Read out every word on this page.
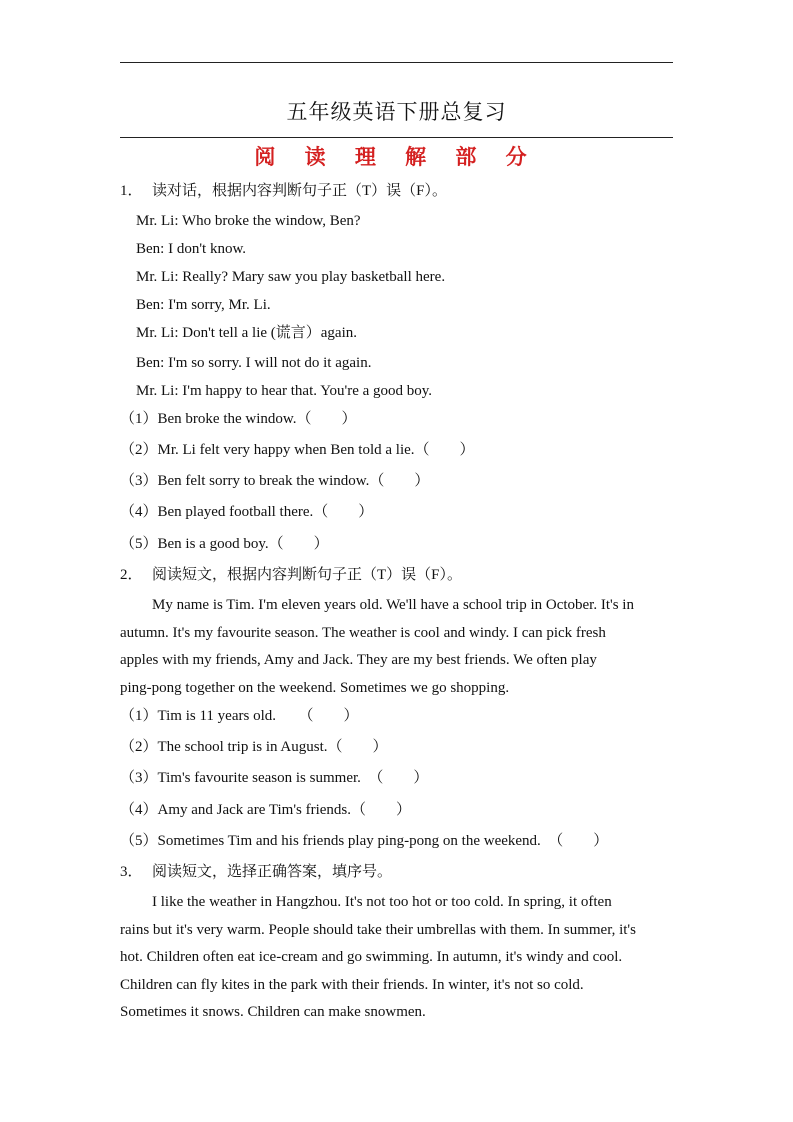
五年级英语下册总复习
阅 读 理 解 部 分
1． 读对话，根据内容判断句子正（T）误（F）。
Mr. Li: Who broke the window, Ben?
Ben: I don't know.
Mr. Li: Really? Mary saw you play basketball here.
Ben: I'm sorry, Mr. Li.
Mr. Li: Don't tell a lie (谎言）again.
Ben: I'm so sorry. I will not do it again.
Mr. Li: I'm happy to hear that. You're a good boy.
（1）Ben broke the window.（　　）
（2）Mr. Li felt very happy when Ben told a lie.（　　）
（3）Ben felt sorry to break the window.（　　）
（4）Ben played football there.（　　）
（5）Ben is a good boy.（　　）
2． 阅读短文，根据内容判断句子正（T）误（F）。
My name is Tim. I'm eleven years old. We'll have a school trip in October. It's in
autumn. It's my favourite season. The weather is cool and windy. I can pick fresh
apples with my friends, Amy and Jack. They are my best friends. We often play
ping-pong together on the weekend. Sometimes we go shopping.
（1）Tim is 11 years old.　　（　　）
（2）The school trip is in August.（　　）
（3）Tim's favourite season is summer.　（　　）
（4）Amy and Jack are Tim's friends.（　　）
（5）Sometimes Tim and his friends play ping-pong on the weekend.　（　　）
3． 阅读短文，选择正确答案，填序号。
I like the weather in Hangzhou. It's not too hot or too cold. In spring, it often
rains but it's very warm. People should take their umbrellas with them. In summer, it's
hot. Children often eat ice-cream and go swimming. In autumn, it's windy and cool.
Children can fly kites in the park with their friends. In winter, it's not so cold.
Sometimes it snows. Children can make snowmen.
